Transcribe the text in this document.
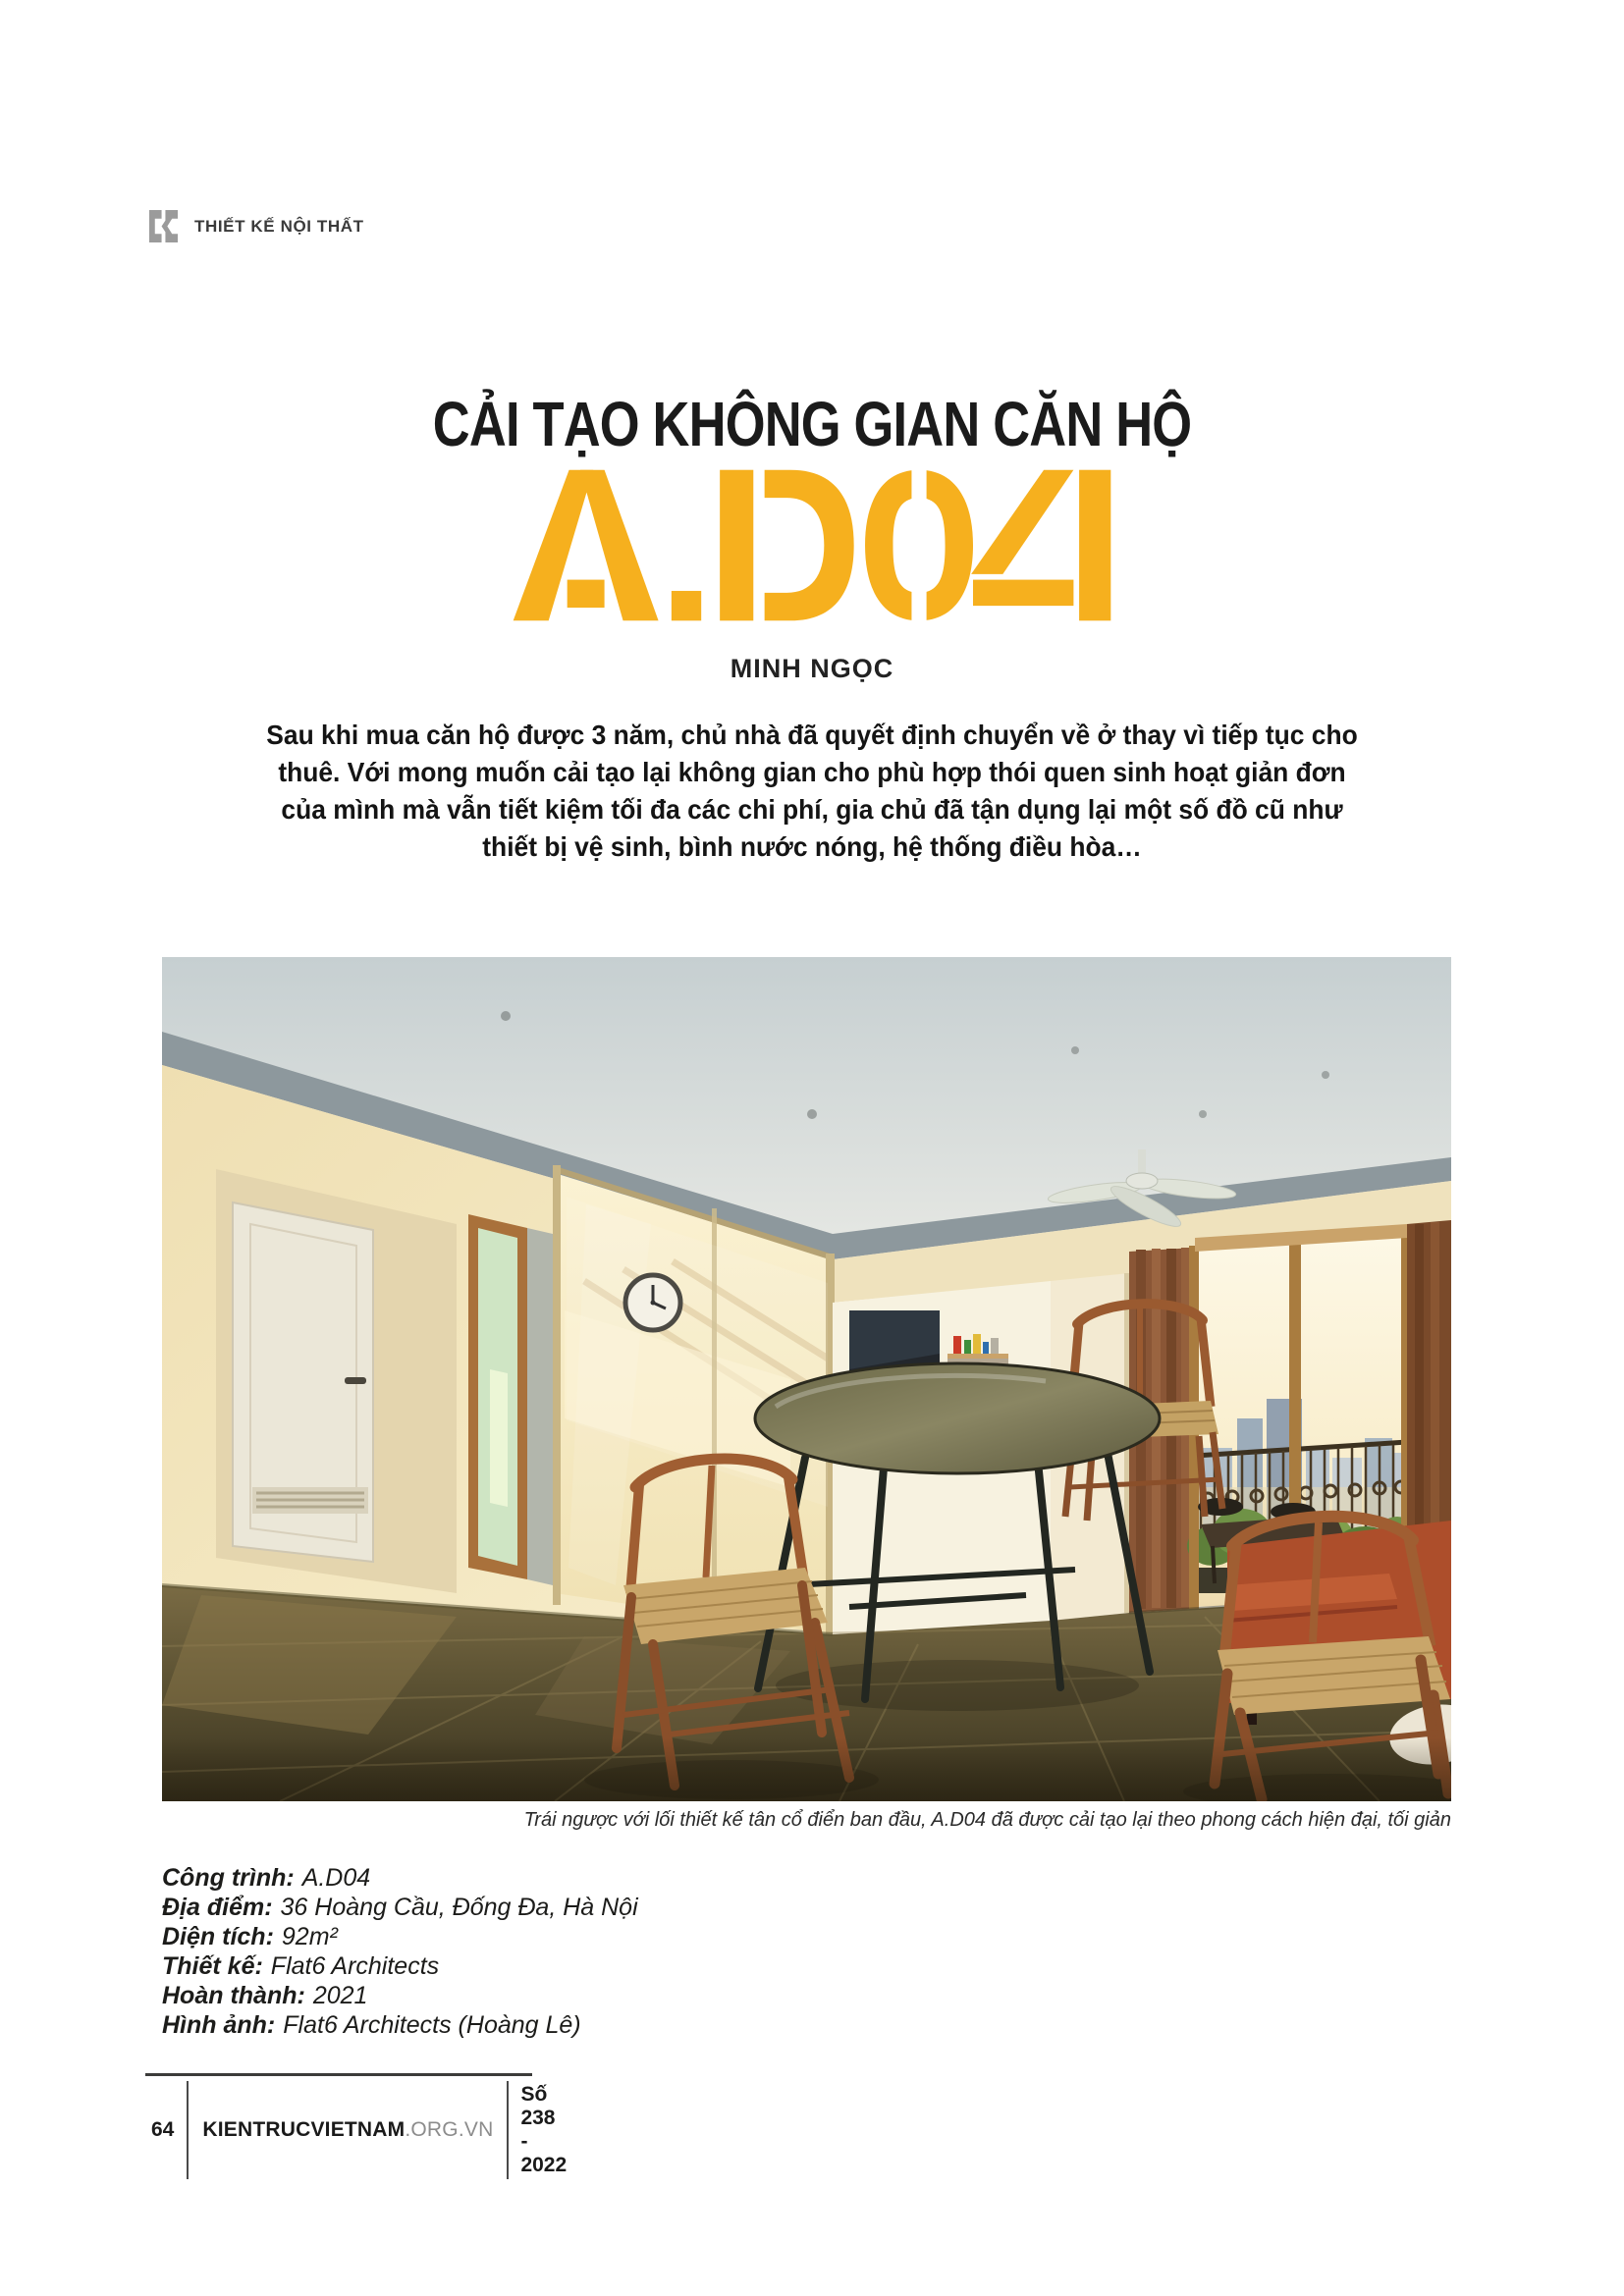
THIẾT KẾ NỘI THẤT
CẢI TẠO KHÔNG GIAN CĂN HỘ
MINH NGỌC
Sau khi mua căn hộ được 3 năm, chủ nhà đã quyết định chuyển về ở thay vì tiếp tục cho
thuê. Với mong muốn cải tạo lại không gian cho phù hợp thói quen sinh hoạt giản đơn
của mình mà vẫn tiết kiệm tối đa các chi phí, gia chủ đã tận dụng lại một số đồ cũ như
thiết bị vệ sinh, bình nước nóng, hệ thống điều hòa…
Trái ngược với lối thiết kế tân cổ điển ban đầu, A.D04 đã được cải tạo lại theo phong cách hiện đại, tối giản
Công trình: A.D04
Địa điểm: 36 Hoàng Cầu, Đống Đa, Hà Nội
Diện tích: 92m²
Thiết kế: Flat6 Architects
Hoàn thành: 2021
Hình ảnh: Flat6 Architects (Hoàng Lê)
64	KIENTRUCVIETNAM.ORG.VN
Số 238 - 2022
